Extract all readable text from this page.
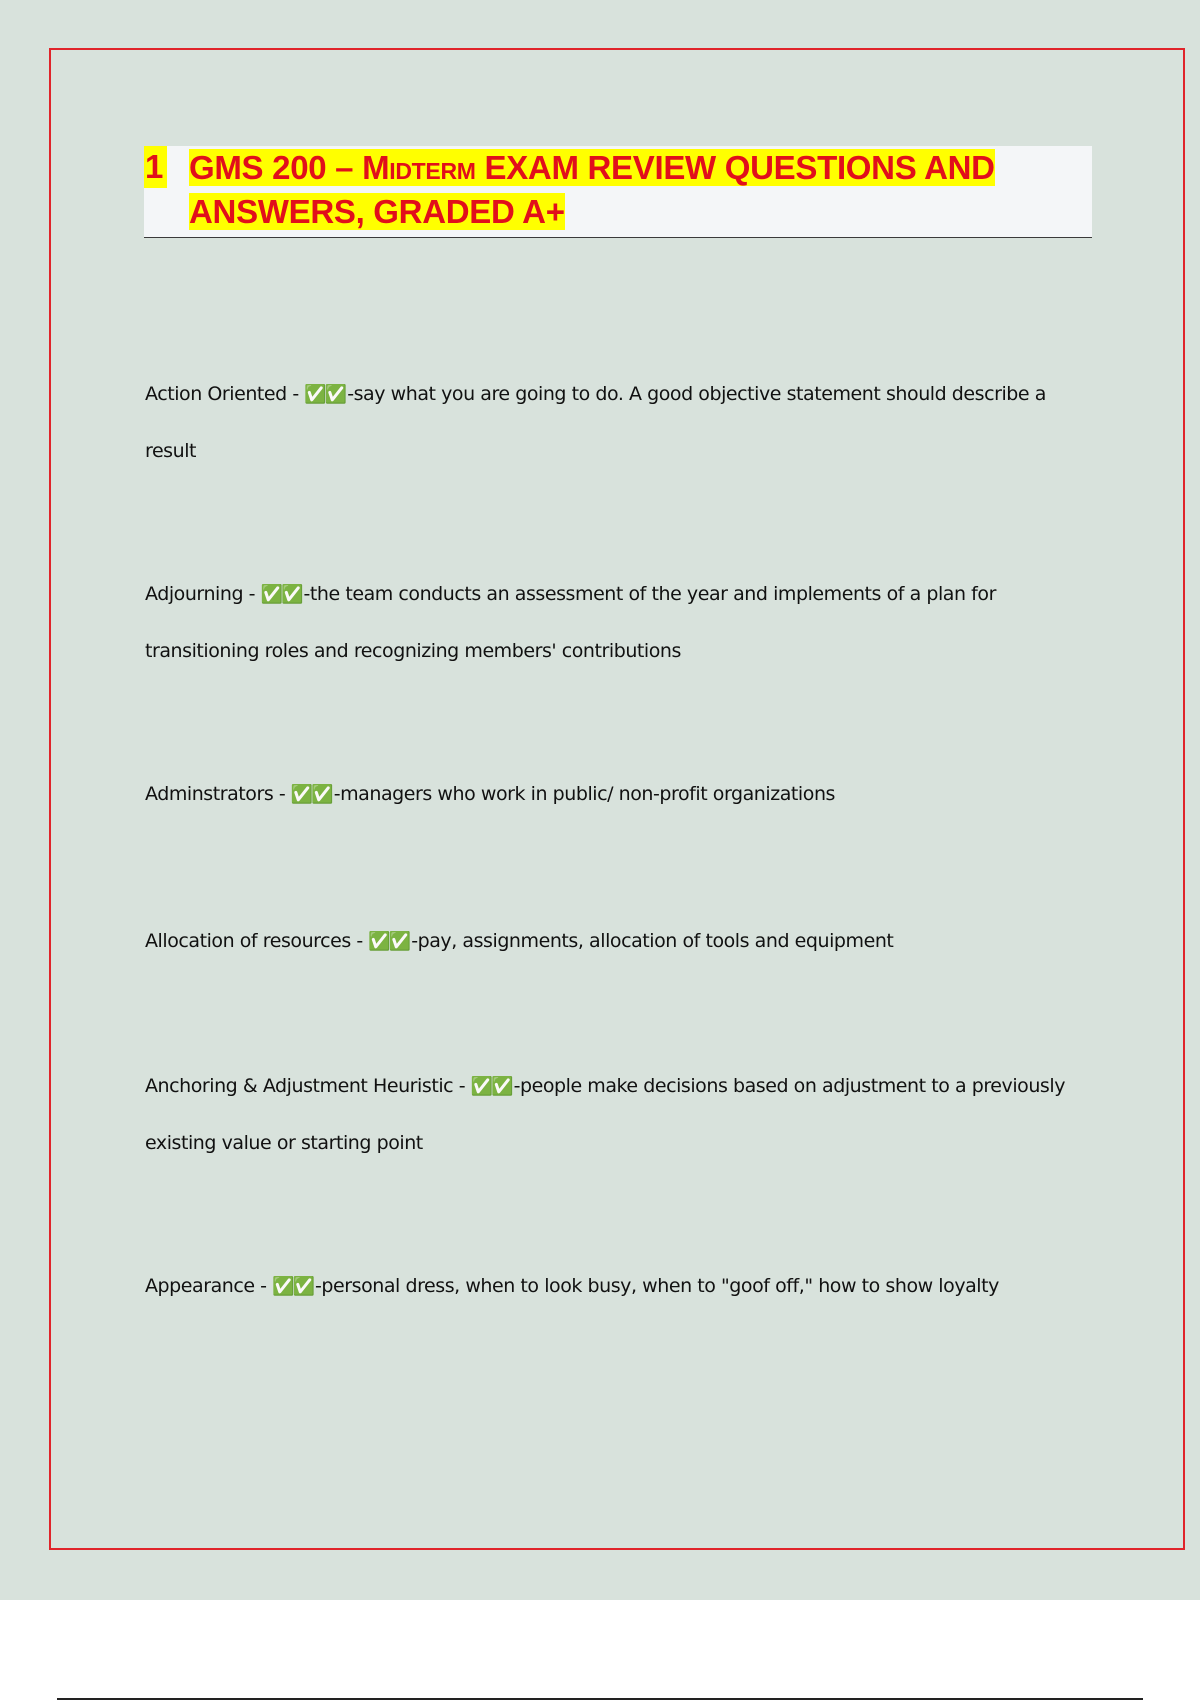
1 GMS 200 – Midterm EXAM REVIEW QUESTIONS AND ANSWERS, GRADED A+
Action Oriented - ✅✅ -say what you are going to do. A good objective statement should describe a result
Adjourning - ✅✅ -the team conducts an assessment of the year and implements of a plan for transitioning roles and recognizing members' contributions
Adminstrators - ✅✅ -managers who work in public/ non-profit organizations
Allocation of resources - ✅✅ -pay, assignments, allocation of tools and equipment
Anchoring & Adjustment Heuristic - ✅✅ -people make decisions based on adjustment to a previously existing value or starting point
Appearance - ✅✅ -personal dress, when to look busy, when to "goof off," how to show loyalty
